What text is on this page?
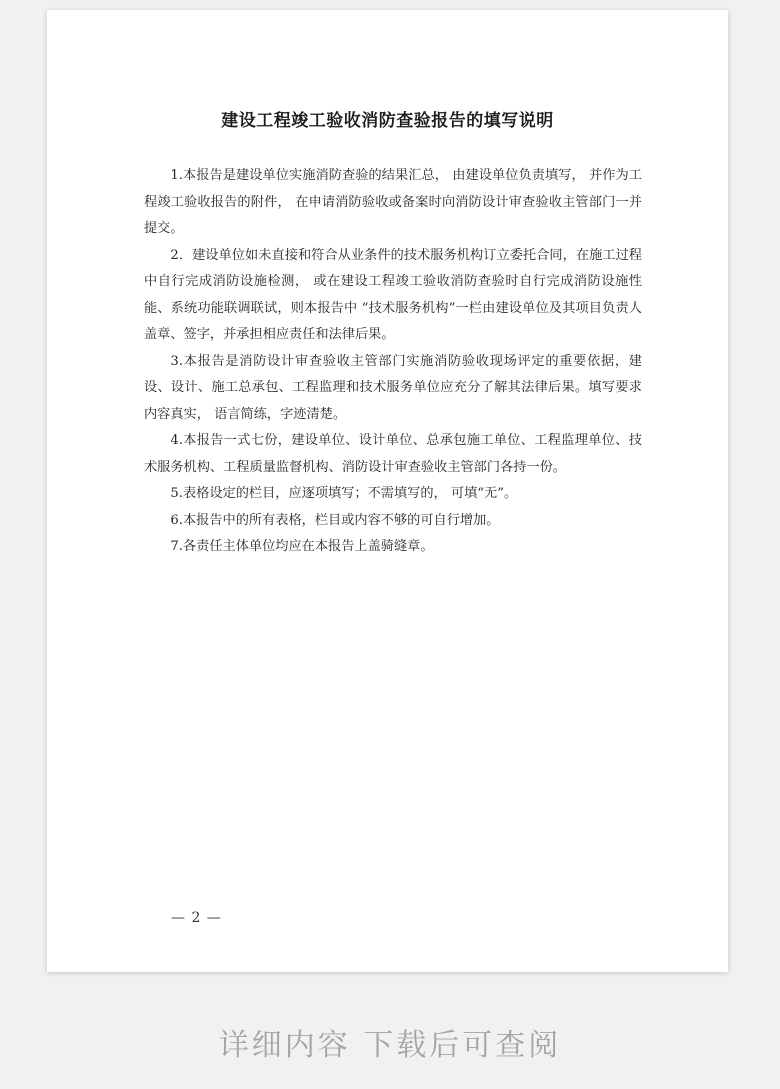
建设工程竣工验收消防查验报告的填写说明

1.本报告是建设单位实施消防查验的结果汇总， 由建设单位负责填写， 并作为工程竣工验收报告的附件， 在申请消防验收或备案时向消防设计审查验收主管部门一并提交。

2．建设单位如未直接和符合从业条件的技术服务机构订立委托合同，在施工过程中自行完成消防设施检测， 或在建设工程竣工验收消防查验时自行完成消防设施性能、系统功能联调联试，则本报告中 “技术服务机构”一栏由建设单位及其项目负责人盖章、签字，并承担相应责任和法律后果。

3.本报告是消防设计审查验收主管部门实施消防验收现场评定的重要依据，建设、设计、施工总承包、工程监理和技术服务单位应充分了解其法律后果。填写要求内容真实， 语言简练，字迹清楚。

4.本报告一式七份，建设单位、设计单位、总承包施工单位、工程监理单位、技术服务机构、工程质量监督机构、消防设计审查验收主管部门各持一份。

5.表格设定的栏目，应逐项填写；不需填写的， 可填“无”。

6.本报告中的所有表格，栏目或内容不够的可自行增加。

7.各责任主体单位均应在本报告上盖骑缝章。

— 2 —
详细内容 下载后可查阅
